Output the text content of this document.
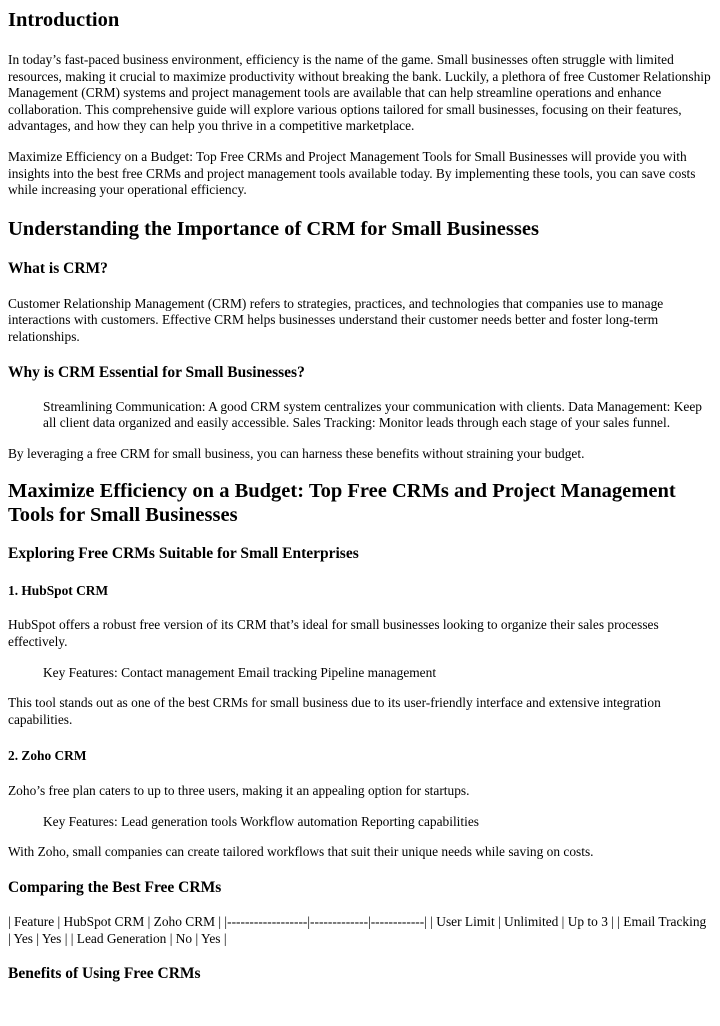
Introduction

In today’s fast-paced business environment, efficiency is the name of the game. Small businesses often struggle with limited resources, making it crucial to maximize productivity without breaking the bank. Luckily, a plethora of free Customer Relationship Management (CRM) systems and project management tools are available that can help streamline operations and enhance collaboration. This comprehensive guide will explore various options tailored for small businesses, focusing on their features, advantages, and how they can help you thrive in a competitive marketplace.

Maximize Efficiency on a Budget: Top Free CRMs and Project Management Tools for Small Businesses will provide you with insights into the best free CRMs and project management tools available today. By implementing these tools, you can save costs while increasing your operational efficiency.

Understanding the Importance of CRM for Small Businesses
What is CRM?

Customer Relationship Management (CRM) refers to strategies, practices, and technologies that companies use to manage interactions with customers. Effective CRM helps businesses understand their customer needs better and foster long-term relationships.

Why is CRM Essential for Small Businesses?

Streamlining Communication: A good CRM system centralizes your communication with clients. Data Management: Keep all client data organized and easily accessible. Sales Tracking: Monitor leads through each stage of your sales funnel.

By leveraging a free CRM for small business, you can harness these benefits without straining your budget.

Maximize Efficiency on a Budget: Top Free CRMs and Project Management Tools for Small Businesses
Exploring Free CRMs Suitable for Small Enterprises
1. HubSpot CRM

HubSpot offers a robust free version of its CRM that’s ideal for small businesses looking to organize their sales processes effectively.

Key Features: Contact management Email tracking Pipeline management

This tool stands out as one of the best CRMs for small business due to its user-friendly interface and extensive integration capabilities.

2. Zoho CRM

Zoho’s free plan caters to up to three users, making it an appealing option for startups.

Key Features: Lead generation tools Workflow automation Reporting capabilities

With Zoho, small companies can create tailored workflows that suit their unique needs while saving on costs.

Comparing the Best Free CRMs

| Feature | HubSpot CRM | Zoho CRM | |------------------|-------------|------------| | User Limit | Unlimited | Up to 3 | | Email Tracking | Yes | Yes | | Lead Generation | No | Yes |

Benefits of Using Free CRMs
